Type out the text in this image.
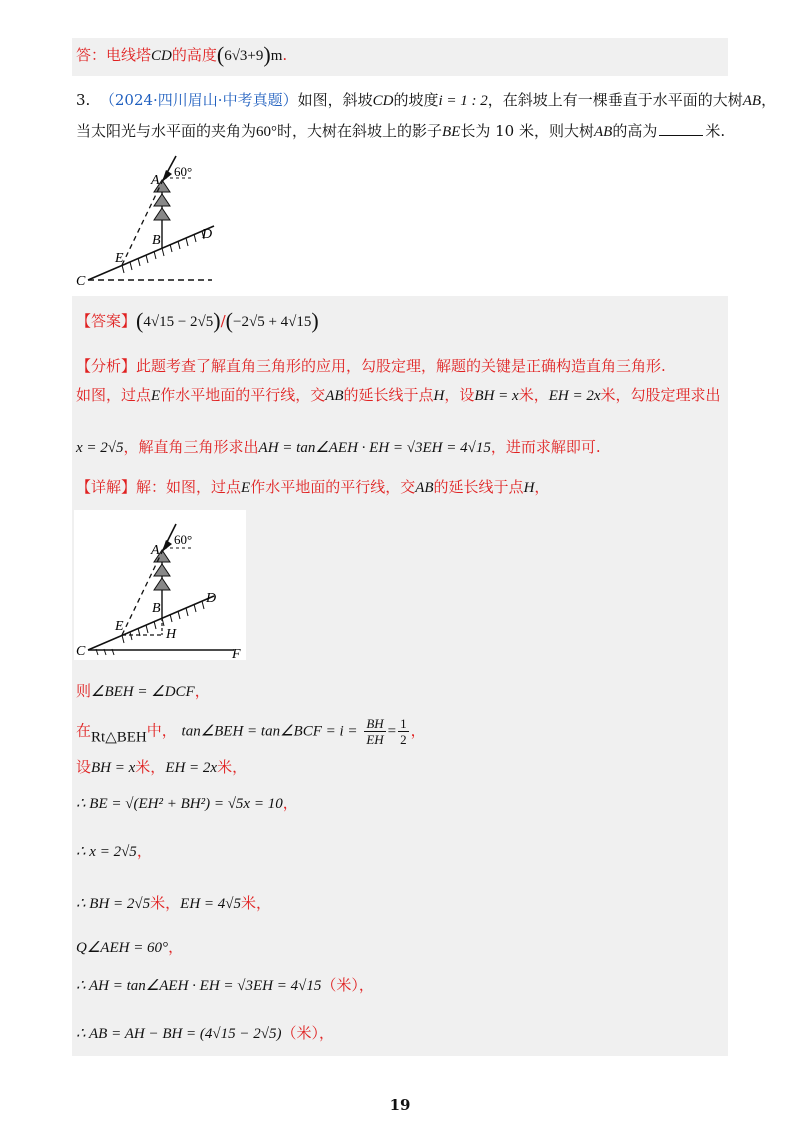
答：电线塔CD的高度(6√3+9)m.
3. （2024·四川眉山·中考真题）如图，斜坡CD的坡度i = 1 : 2，在斜坡上有一棵垂直于水平面的大树AB，
当太阳光与水平面的夹角为60°时，大树在斜坡上的影子BE长为 10 米，则大树AB的高为	米.
A
60°
B	D
E
C
【答案】(4√15 − 2√5)/(−2√5 + 4√15)
【分析】此题考查了解直角三角形的应用，勾股定理，解题的关键是正确构造直角三角形.
如图，过点E作水平地面的平行线，交AB的延长线于点H，设BH = x米，EH = 2x米，勾股定理求出
x = 2√5，解直角三角形求出AH = tan∠AEH · EH = √3EH = 4√15，进而求解即可.
【详解】解：如图，过点E作水平地面的平行线，交AB的延长线于点H，
A
60°
B
D
E
H
C	F
则∠BEH = ∠DCF，
在Rt△BEH中， tan∠BEH = tan∠BCF = $i = \frac{BH}{EH} = \frac{1}{2}$ ，
设BH = x米，EH = 2x米，
∴ BE = √(EH² + BH²) = √5x = 10，
∴ x = 2√5，
∴ BH = 2√5米，EH = 4√5米，
Q∠AEH = 60°，
∴ AH = tan∠AEH · EH = √3EH = 4√15（米），
∴ AB = AH − BH = (4√15 − 2√5)（米），
19
